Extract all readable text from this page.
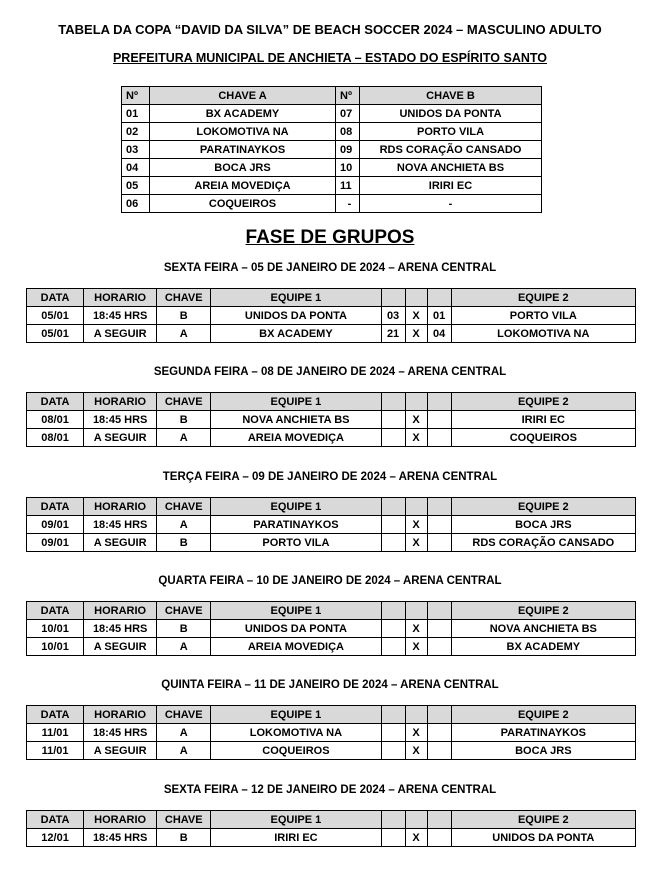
TABELA DA COPA “DAVID DA SILVA” DE BEACH SOCCER 2024 – MASCULINO ADULTO
PREFEITURA MUNICIPAL DE ANCHIETA – ESTADO DO ESPÍRITO SANTO
Nº	CHAVE A	Nº	CHAVE B
01	BX ACADEMY	07	UNIDOS DA PONTA
02	LOKOMOTIVA NA	08	PORTO VILA
03	PARATINAYKOS	09	RDS CORAÇÃO CANSADO
04	BOCA JRS	10	NOVA ANCHIETA BS
05	AREIA MOVEDIÇA	11	IRIRI EC
06	COQUEIROS	-	-
FASE DE GRUPOS
SEXTA FEIRA – 05 DE JANEIRO DE 2024 – ARENA CENTRAL
DATA	HORARIO	CHAVE	EQUIPE 1				EQUIPE 2
05/01	18:45 HRS	B	UNIDOS DA PONTA	03	X	01	PORTO VILA
05/01	A SEGUIR	A	BX ACADEMY	21	X	04	LOKOMOTIVA NA
SEGUNDA FEIRA – 08 DE JANEIRO DE 2024 – ARENA CENTRAL
DATA	HORARIO	CHAVE	EQUIPE 1				EQUIPE 2
08/01	18:45 HRS	B	NOVA ANCHIETA BS		X		IRIRI EC
08/01	A SEGUIR	A	AREIA MOVEDIÇA		X		COQUEIROS
TERÇA FEIRA – 09 DE JANEIRO DE 2024 – ARENA CENTRAL
DATA	HORARIO	CHAVE	EQUIPE 1				EQUIPE 2
09/01	18:45 HRS	A	PARATINAYKOS		X		BOCA JRS
09/01	A SEGUIR	B	PORTO VILA		X		RDS CORAÇÃO CANSADO
QUARTA FEIRA – 10 DE JANEIRO DE 2024 – ARENA CENTRAL
DATA	HORARIO	CHAVE	EQUIPE 1				EQUIPE 2
10/01	18:45 HRS	B	UNIDOS DA PONTA		X		NOVA ANCHIETA BS
10/01	A SEGUIR	A	AREIA MOVEDIÇA		X		BX ACADEMY
QUINTA FEIRA – 11 DE JANEIRO DE 2024 – ARENA CENTRAL
DATA	HORARIO	CHAVE	EQUIPE 1				EQUIPE 2
11/01	18:45 HRS	A	LOKOMOTIVA NA		X		PARATINAYKOS
11/01	A SEGUIR	A	COQUEIROS		X		BOCA JRS
SEXTA FEIRA – 12 DE JANEIRO DE 2024 – ARENA CENTRAL
DATA	HORARIO	CHAVE	EQUIPE 1				EQUIPE 2
12/01	18:45 HRS	B	IRIRI EC		X		UNIDOS DA PONTA
